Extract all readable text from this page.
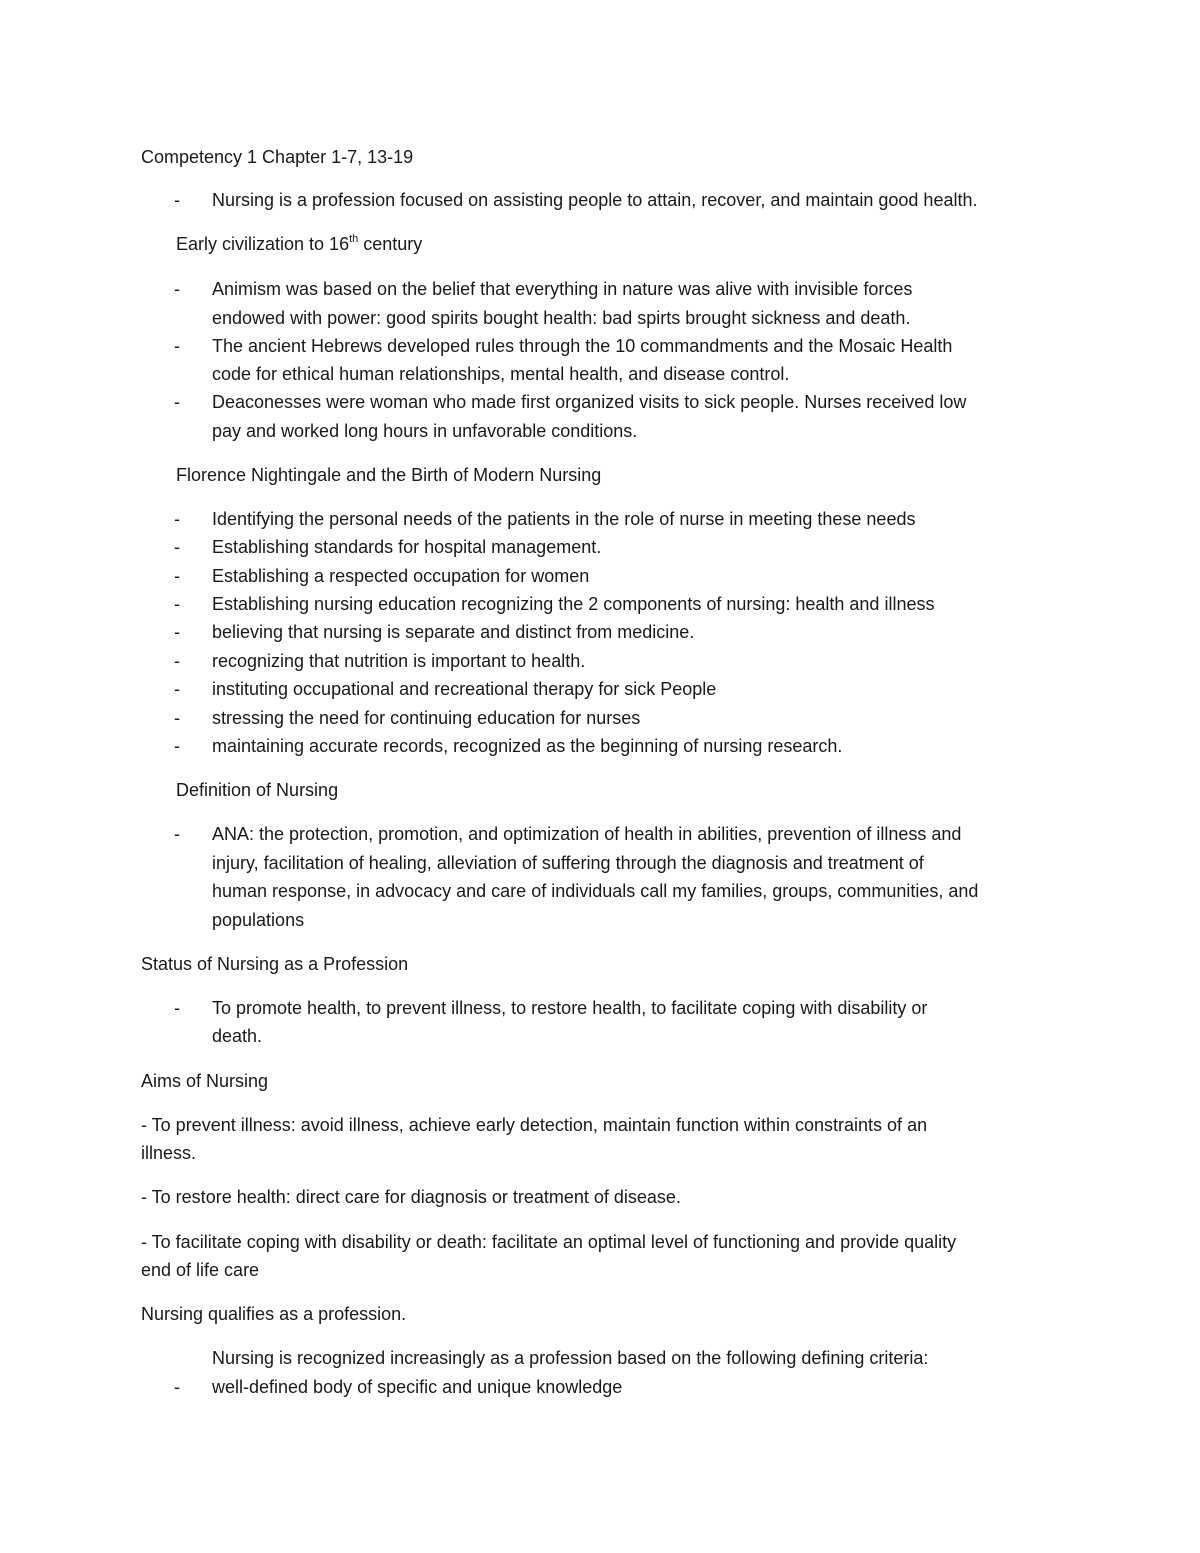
Competency 1 Chapter 1-7, 13-19
- Nursing is a profession focused on assisting people to attain, recover, and maintain good health.
Early civilization to 16th century
- Animism was based on the belief that everything in nature was alive with invisible forces
endowed with power: good spirits bought health: bad spirts brought sickness and death.
- The ancient Hebrews developed rules through the 10 commandments and the Mosaic Health
code for ethical human relationships, mental health, and disease control.
- Deaconesses were woman who made first organized visits to sick people. Nurses received low
pay and worked long hours in unfavorable conditions.
Florence Nightingale and the Birth of Modern Nursing
- Identifying the personal needs of the patients in the role of nurse in meeting these needs
- Establishing standards for hospital management.
- Establishing a respected occupation for women
- Establishing nursing education recognizing the 2 components of nursing: health and illness
- believing that nursing is separate and distinct from medicine.
- recognizing that nutrition is important to health.
- instituting occupational and recreational therapy for sick People
- stressing the need for continuing education for nurses
- maintaining accurate records, recognized as the beginning of nursing research.
Definition of Nursing
- ANA: the protection, promotion, and optimization of health in abilities, prevention of illness and
injury, facilitation of healing, alleviation of suffering through the diagnosis and treatment of
human response, in advocacy and care of individuals call my families, groups, communities, and
populations
Status of Nursing as a Profession
- To promote health, to prevent illness, to restore health, to facilitate coping with disability or
death.
Aims of Nursing
- To prevent illness: avoid illness, achieve early detection, maintain function within constraints of an
illness.
- To restore health: direct care for diagnosis or treatment of disease.
- To facilitate coping with disability or death: facilitate an optimal level of functioning and provide quality
end of life care
Nursing qualifies as a profession.
Nursing is recognized increasingly as a profession based on the following defining criteria:
- well-defined body of specific and unique knowledge
